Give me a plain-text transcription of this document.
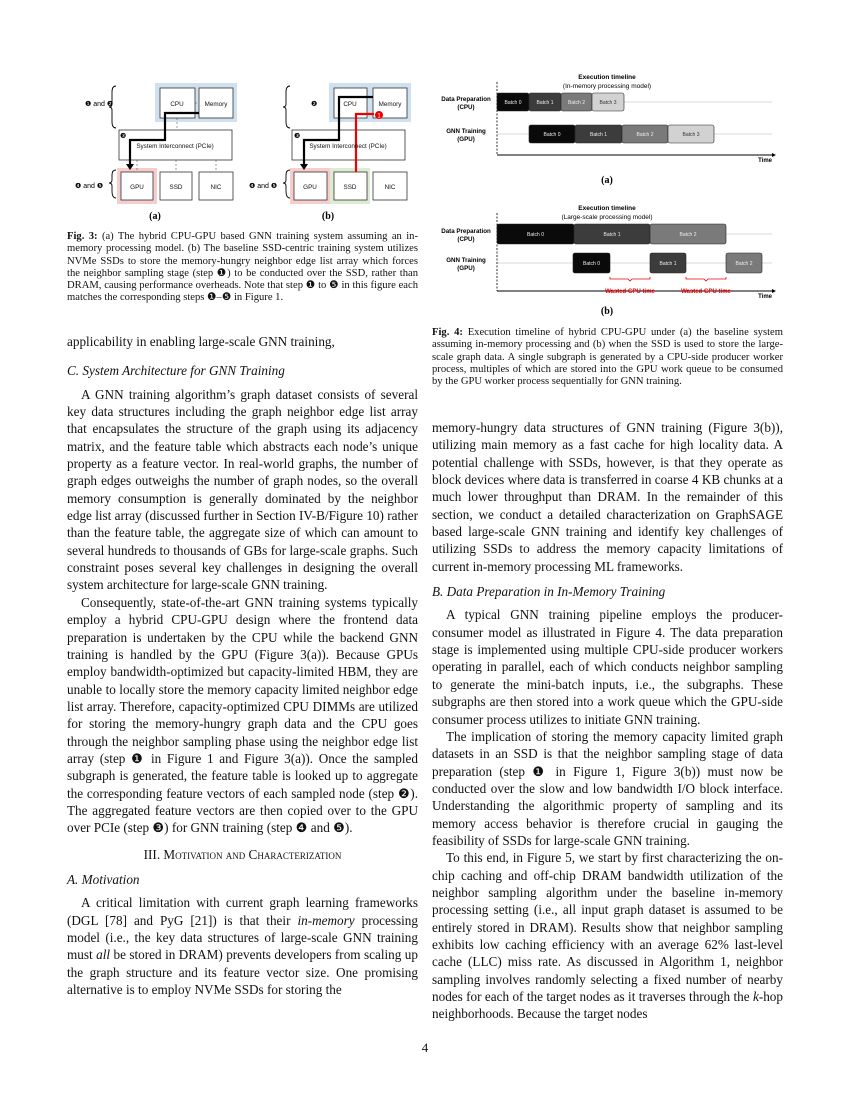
1
CPU	Memory
System Interconnect (PCIe)
GPU	SSD	NIC
CPU	Memory
System Interconnect (PCIe)
GPU	SSD	NIC
❶ and ❷
❸
❹ and ❺
❷
❸
❹ and ❺
(a)	(b)
Fig. 3: (a) The hybrid CPU-GPU based GNN training system assuming an in-memory processing model. (b) The baseline SSD-centric training system utilizes NVMe SSDs to store the memory-hungry neighbor edge list array which forces the neighbor sampling stage (step ❶) to be conducted over the SSD, rather than DRAM, causing performance overheads. Note that step ❶ to ❺ in this figure each matches the corresponding steps ❶–❺ in Figure 1.
Execution timeline
(In-memory processing model)
Data Preparation
(CPU)
GNN Training
(GPU)
Time
Batch 0	Batch 1	Batch 2	Batch 3
Batch 0	Batch 1	Batch 2	Batch 3
(a)
Execution timeline
(Large-scale processing model)
Data Preparation
(CPU)
GNN Training
(GPU)
Time
Batch 0	Batch 1	Batch 2
Batch 0	Batch 1	Batch 2
Wasted GPU time	Wasted GPU time
(b)
Fig. 4: Execution timeline of hybrid CPU-GPU under (a) the baseline system assuming in-memory processing and (b) when the SSD is used to store the large-scale graph data. A single subgraph is generated by a CPU-side producer worker process, multiples of which are stored into the GPU work queue to be consumed by the GPU worker process sequentially for GNN training.

applicability in enabling large-scale GNN training,

C. System Architecture for GNN Training

A GNN training algorithm’s graph dataset consists of several key data structures including the graph neighbor edge list array that encapsulates the structure of the graph using its adjacency matrix, and the feature table which abstracts each node’s unique property as a feature vector. In real-world graphs, the number of graph edges outweighs the number of graph nodes, so the overall memory consumption is generally dominated by the neighbor edge list array (discussed further in Section IV-B/Figure 10) rather than the feature table, the aggregate size of which can amount to several hundreds to thousands of GBs for large-scale graphs. Such constraint poses several key challenges in designing the overall system architecture for large-scale GNN training.

Consequently, state-of-the-art GNN training systems typically employ a hybrid CPU-GPU design where the frontend data preparation is undertaken by the CPU while the backend GNN training is handled by the GPU (Figure 3(a)). Because GPUs employ bandwidth-optimized but capacity-limited HBM, they are unable to locally store the memory capacity limited neighbor edge list array. Therefore, capacity-optimized CPU DIMMs are utilized for storing the memory-hungry graph data and the CPU goes through the neighbor sampling phase using the neighbor edge list array (step ❶ in Figure 1 and Figure 3(a)). Once the sampled subgraph is generated, the feature table is looked up to aggregate the corresponding feature vectors of each sampled node (step ❷). The aggregated feature vectors are then copied over to the GPU over PCIe (step ❸) for GNN training (step ❹ and ❺).

III. Motivation and Characterization
A. Motivation

A critical limitation with current graph learning frameworks (DGL [78] and PyG [21]) is that their in-memory processing model (i.e., the key data structures of large-scale GNN training must all be stored in DRAM) prevents developers from scaling up the graph structure and its feature vector size. One promising alternative is to employ NVMe SSDs for storing the

memory-hungry data structures of GNN training (Figure 3(b)), utilizing main memory as a fast cache for high locality data. A potential challenge with SSDs, however, is that they operate as block devices where data is transferred in coarse 4 KB chunks at a much lower throughput than DRAM. In the remainder of this section, we conduct a detailed characterization on GraphSAGE based large-scale GNN training and identify key challenges of utilizing SSDs to address the memory capacity limitations of current in-memory processing ML frameworks.

B. Data Preparation in In-Memory Training

A typical GNN training pipeline employs the producer-consumer model as illustrated in Figure 4. The data preparation stage is implemented using multiple CPU-side producer workers operating in parallel, each of which conducts neighbor sampling to generate the mini-batch inputs, i.e., the subgraphs. These subgraphs are then stored into a work queue which the GPU-side consumer process utilizes to initiate GNN training.

The implication of storing the memory capacity limited graph datasets in an SSD is that the neighbor sampling stage of data preparation (step ❶ in Figure 1, Figure 3(b)) must now be conducted over the slow and low bandwidth I/O block interface. Understanding the algorithmic property of sampling and its memory access behavior is therefore crucial in gauging the feasibility of SSDs for large-scale GNN training.

To this end, in Figure 5, we start by first characterizing the on-chip caching and off-chip DRAM bandwidth utilization of the neighbor sampling algorithm under the baseline in-memory processing setting (i.e., all input graph dataset is assumed to be entirely stored in DRAM). Results show that neighbor sampling exhibits low caching efficiency with an average 62% last-level cache (LLC) miss rate. As discussed in Algorithm 1, neighbor sampling involves randomly selecting a fixed number of nearby nodes for each of the target nodes as it traverses through the k-hop neighborhoods. Because the target nodes

4
